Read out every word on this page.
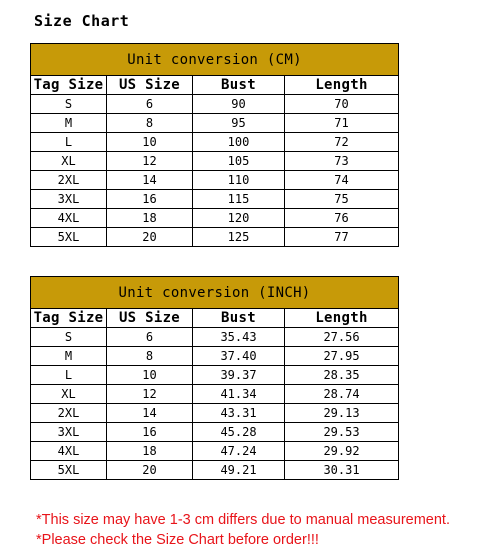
Size Chart
Unit conversion (CM)			
Tag Size	US Size	Bust	Length
S	6	90	70
M	8	95	71
L	10	100	72
XL	12	105	73
2XL	14	110	74
3XL	16	115	75
4XL	18	120	76
5XL	20	125	77
Unit conversion (INCH)			
Tag Size	US Size	Bust	Length
S	6	35.43	27.56
M	8	37.40	27.95
L	10	39.37	28.35
XL	12	41.34	28.74
2XL	14	43.31	29.13
3XL	16	45.28	29.53
4XL	18	47.24	29.92
5XL	20	49.21	30.31
*This size may have 1-3 cm differs due to manual measurement.
*Please check the Size Chart before order!!!
